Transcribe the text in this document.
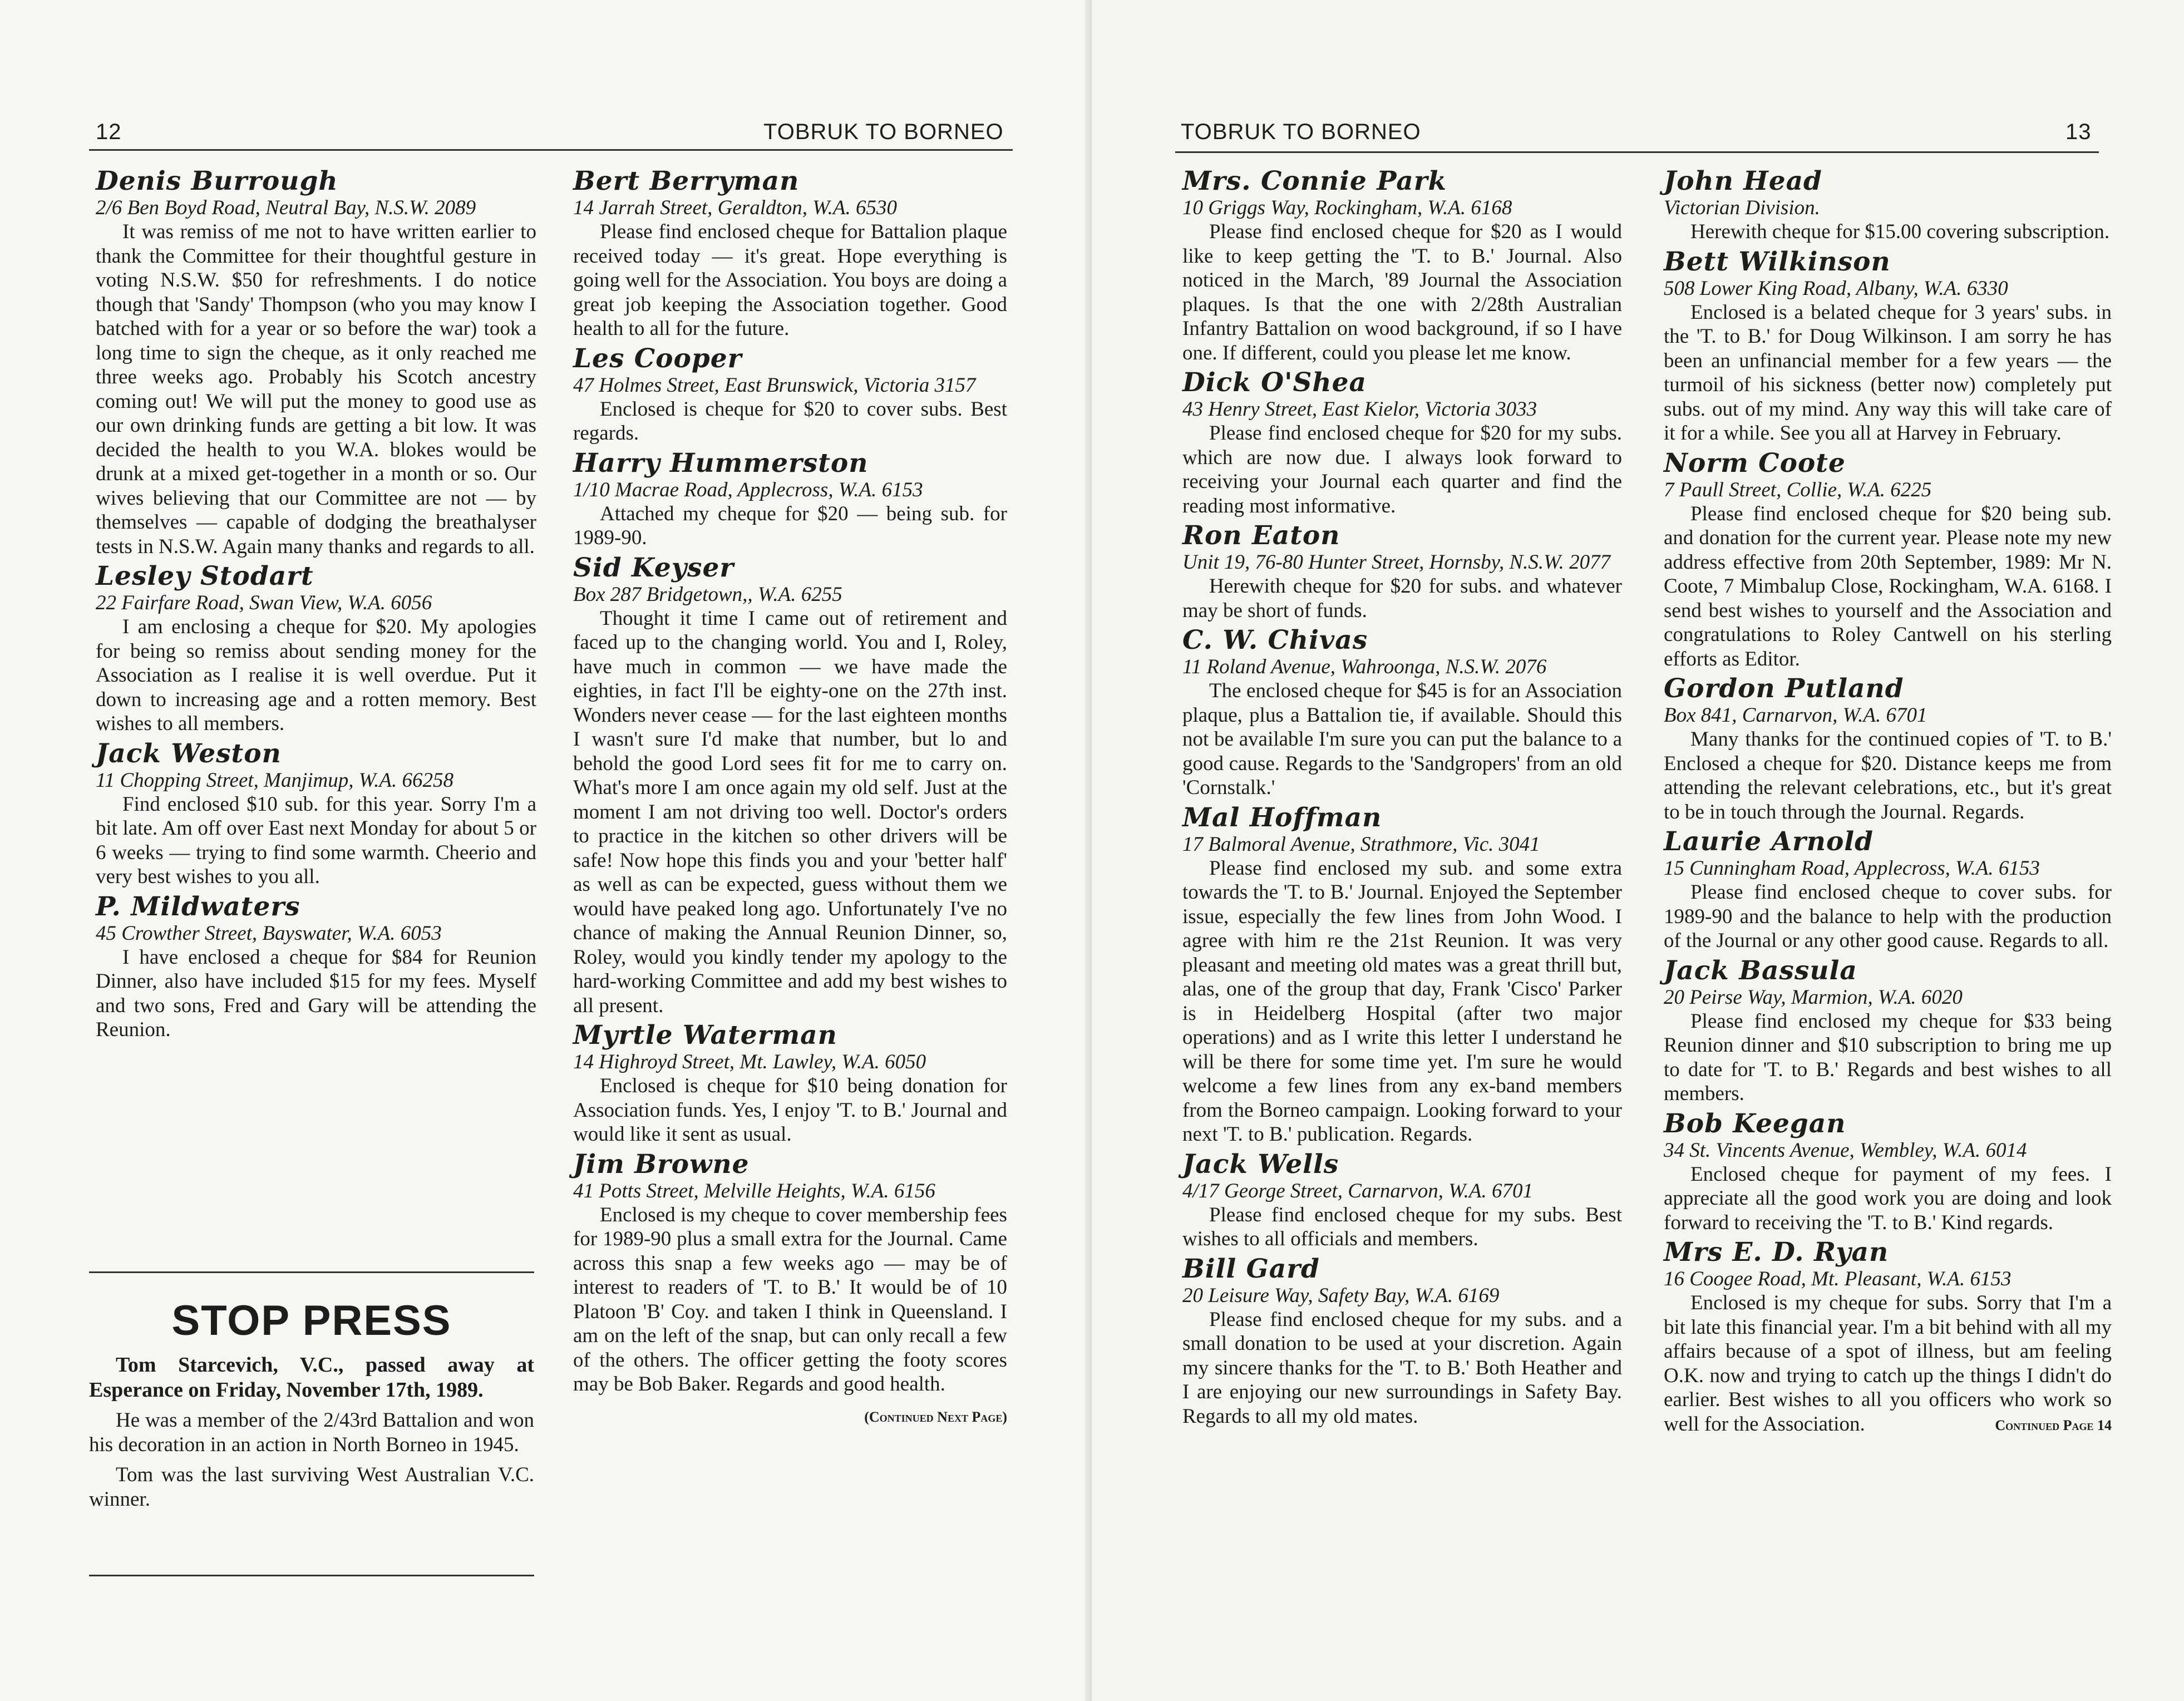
12	TOBRUK TO BORNEO
Denis Burrough
2/6 Ben Boyd Road, Neutral Bay, N.S.W. 2089

It was remiss of me not to have written earlier to thank the Committee for their thoughtful gesture in voting N.S.W. $50 for refreshments. I do notice though that 'Sandy' Thompson (who you may know I batched with for a year or so before the war) took a long time to sign the cheque, as it only reached me three weeks ago. Probably his Scotch ancestry coming out! We will put the money to good use as our own drinking funds are getting a bit low. It was decided the health to you W.A. blokes would be drunk at a mixed get-together in a month or so. Our wives believing that our Committee are not — by themselves — capable of dodging the breathalyser tests in N.S.W. Again many thanks and regards to all.

Lesley Stodart
22 Fairfare Road, Swan View, W.A. 6056

I am enclosing a cheque for $20. My apologies for being so remiss about sending money for the Association as I realise it is well overdue. Put it down to increasing age and a rotten memory. Best wishes to all members.

Jack Weston
11 Chopping Street, Manjimup, W.A. 66258

Find enclosed $10 sub. for this year. Sorry I'm a bit late. Am off over East next Monday for about 5 or 6 weeks — trying to find some warmth. Cheerio and very best wishes to you all.

P. Mildwaters
45 Crowther Street, Bayswater, W.A. 6053

I have enclosed a cheque for $84 for Reunion Dinner, also have included $15 for my fees. Myself and two sons, Fred and Gary will be attending the Reunion.

STOP PRESS

Tom Starcevich, V.C., passed away at Esperance on Friday, November 17th, 1989.

He was a member of the 2/43rd Battalion and won his decoration in an action in North Borneo in 1945.

Tom was the last surviving West Australian V.C. winner.

Bert Berryman
14 Jarrah Street, Geraldton, W.A. 6530

Please find enclosed cheque for Battalion plaque received today — it's great. Hope everything is going well for the Association. You boys are doing a great job keeping the Association together. Good health to all for the future.

Les Cooper
47 Holmes Street, East Brunswick, Victoria 3157

Enclosed is cheque for $20 to cover subs. Best regards.

Harry Hummerston
1/10 Macrae Road, Applecross, W.A. 6153

Attached my cheque for $20 — being sub. for 1989-90.

Sid Keyser
Box 287 Bridgetown,, W.A. 6255

Thought it time I came out of retirement and faced up to the changing world. You and I, Roley, have much in common — we have made the eighties, in fact I'll be eighty-one on the 27th inst. Wonders never cease — for the last eighteen months I wasn't sure I'd make that number, but lo and behold the good Lord sees fit for me to carry on. What's more I am once again my old self. Just at the moment I am not driving too well. Doctor's orders to practice in the kitchen so other drivers will be safe! Now hope this finds you and your 'better half' as well as can be expected, guess without them we would have peaked long ago. Unfortunately I've no chance of making the Annual Reunion Dinner, so, Roley, would you kindly tender my apology to the hard-working Committee and add my best wishes to all present.

Myrtle Waterman
14 Highroyd Street, Mt. Lawley, W.A. 6050

Enclosed is cheque for $10 being donation for Association funds. Yes, I enjoy 'T. to B.' Journal and would like it sent as usual.

Jim Browne
41 Potts Street, Melville Heights, W.A. 6156

Enclosed is my cheque to cover membership fees for 1989-90 plus a small extra for the Journal. Came across this snap a few weeks ago — may be of interest to readers of 'T. to B.' It would be of 10 Platoon 'B' Coy. and taken I think in Queensland. I am on the left of the snap, but can only recall a few of the others. The officer getting the footy scores may be Bob Baker. Regards and good health.

(Continued Next Page)
TOBRUK TO BORNEO	13
Mrs. Connie Park
10 Griggs Way, Rockingham, W.A. 6168

Please find enclosed cheque for $20 as I would like to keep getting the 'T. to B.' Journal. Also noticed in the March, '89 Journal the Association plaques. Is that the one with 2/28th Australian Infantry Battalion on wood background, if so I have one. If different, could you please let me know.

Dick O'Shea
43 Henry Street, East Kielor, Victoria 3033

Please find enclosed cheque for $20 for my subs. which are now due. I always look forward to receiving your Journal each quarter and find the reading most informative.

Ron Eaton
Unit 19, 76-80 Hunter Street, Hornsby, N.S.W. 2077

Herewith cheque for $20 for subs. and whatever may be short of funds.

C. W. Chivas
11 Roland Avenue, Wahroonga, N.S.W. 2076

The enclosed cheque for $45 is for an Association plaque, plus a Battalion tie, if available. Should this not be available I'm sure you can put the balance to a good cause. Regards to the 'Sandgropers' from an old 'Cornstalk.'

Mal Hoffman
17 Balmoral Avenue, Strathmore, Vic. 3041

Please find enclosed my sub. and some extra towards the 'T. to B.' Journal. Enjoyed the September issue, especially the few lines from John Wood. I agree with him re the 21st Reunion. It was very pleasant and meeting old mates was a great thrill but, alas, one of the group that day, Frank 'Cisco' Parker is in Heidelberg Hospital (after two major operations) and as I write this letter I understand he will be there for some time yet. I'm sure he would welcome a few lines from any ex-band members from the Borneo campaign. Looking forward to your next 'T. to B.' publication. Regards.

Jack Wells
4/17 George Street, Carnarvon, W.A. 6701

Please find enclosed cheque for my subs. Best wishes to all officials and members.

Bill Gard
20 Leisure Way, Safety Bay, W.A. 6169

Please find enclosed cheque for my subs. and a small donation to be used at your discretion. Again my sincere thanks for the 'T. to B.' Both Heather and I are enjoying our new surroundings in Safety Bay. Regards to all my old mates.

John Head
Victorian Division.

Herewith cheque for $15.00 covering subscription.

Bett Wilkinson
508 Lower King Road, Albany, W.A. 6330

Enclosed is a belated cheque for 3 years' subs. in the 'T. to B.' for Doug Wilkinson. I am sorry he has been an unfinancial member for a few years — the turmoil of his sickness (better now) completely put subs. out of my mind. Any way this will take care of it for a while. See you all at Harvey in February.

Norm Coote
7 Paull Street, Collie, W.A. 6225

Please find enclosed cheque for $20 being sub. and donation for the current year. Please note my new address effective from 20th September, 1989: Mr N. Coote, 7 Mimbalup Close, Rockingham, W.A. 6168. I send best wishes to yourself and the Association and congratulations to Roley Cantwell on his sterling efforts as Editor.

Gordon Putland
Box 841, Carnarvon, W.A. 6701

Many thanks for the continued copies of 'T. to B.' Enclosed a cheque for $20. Distance keeps me from attending the relevant celebrations, etc., but it's great to be in touch through the Journal. Regards.

Laurie Arnold
15 Cunningham Road, Applecross, W.A. 6153

Please find enclosed cheque to cover subs. for 1989-90 and the balance to help with the production of the Journal or any other good cause. Regards to all.

Jack Bassula
20 Peirse Way, Marmion, W.A. 6020

Please find enclosed my cheque for $33 being Reunion dinner and $10 subscription to bring me up to date for 'T. to B.' Regards and best wishes to all members.

Bob Keegan
34 St. Vincents Avenue, Wembley, W.A. 6014

Enclosed cheque for payment of my fees. I appreciate all the good work you are doing and look forward to receiving the 'T. to B.' Kind regards.

Mrs E. D. Ryan
16 Coogee Road, Mt. Pleasant, W.A. 6153

Enclosed is my cheque for subs. Sorry that I'm a bit late this financial year. I'm a bit behind with all my affairs because of a spot of illness, but am feeling O.K. now and trying to catch up the things I didn't do earlier. Best wishes to all you officers who work so well for the Association.	Continued Page 14
